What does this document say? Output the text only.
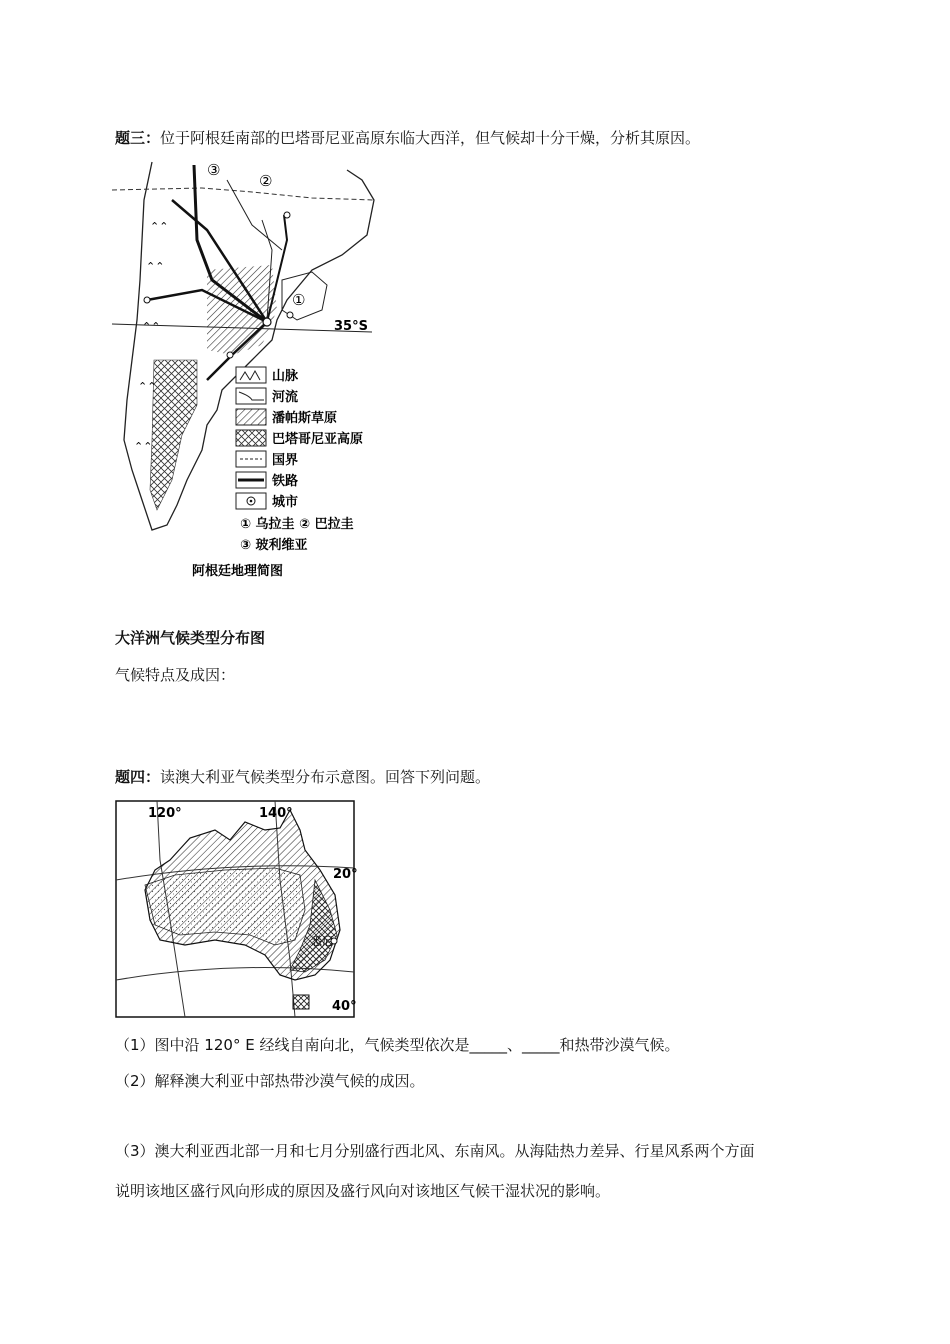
题三：位于阿根廷南部的巴塔哥尼亚高原东临大西洋，但气候却十分干燥，分析其原因。
35°S
⌃⌃
⌃⌃
⌃⌃
⌃⌃
⌃⌃
③
②
①
山脉
河流
潘帕斯草原
巴塔哥尼亚高原
国界
铁路
城市
① 乌拉圭 ② 巴拉圭
③ 玻利维亚
阿根廷地理简图
大洋洲气候类型分布图
气候特点及成因：
题四：读澳大利亚气候类型分布示意图。回答下列问题。
悉尼
120°	140°
20°
40°
（1）图中沿 120° E 经线自南向北，气候类型依次是_____、_____和热带沙漠气候。
（2）解释澳大利亚中部热带沙漠气候的成因。
（3）澳大利亚西北部一月和七月分别盛行西北风、东南风。从海陆热力差异、行星风系两个方面
说明该地区盛行风向形成的原因及盛行风向对该地区气候干湿状况的影响。
